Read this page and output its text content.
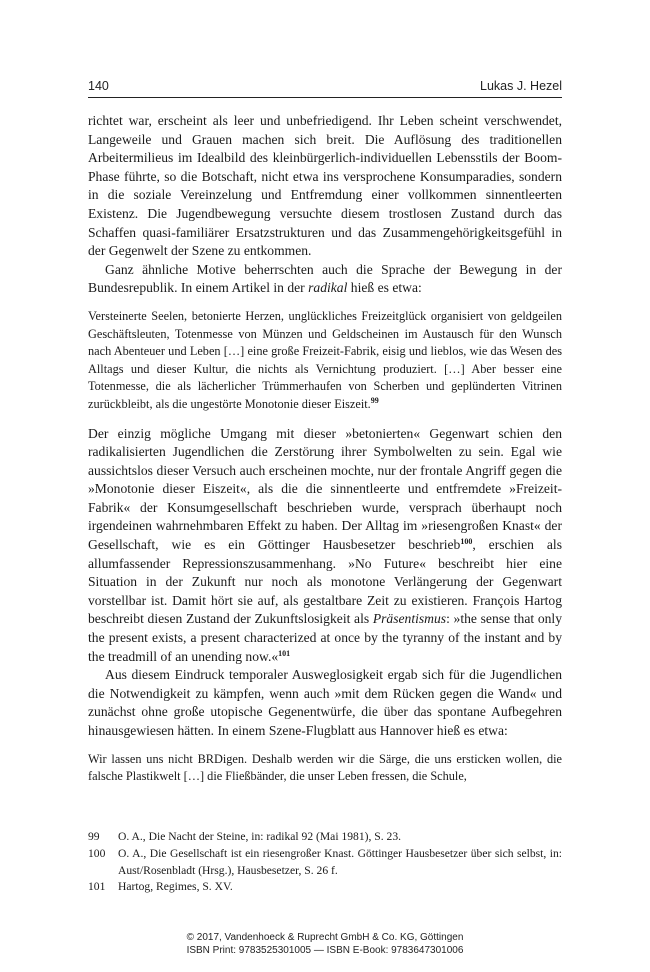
140	Lukas J. Hezel

richtet war, erscheint als leer und unbefriedigend. Ihr Leben scheint verschwendet, Langeweile und Grauen machen sich breit. Die Auflösung des traditionellen Arbeitermilieus im Idealbild des kleinbürgerlich-individuellen Lebensstils der Boom-Phase führte, so die Botschaft, nicht etwa ins versprochene Konsumparadies, sondern in die soziale Vereinzelung und Entfremdung einer vollkommen sinnentleerten Existenz. Die Jugendbewegung versuchte diesem trostlosen Zustand durch das Schaffen quasi-familiärer Ersatzstrukturen und das Zusammengehörigkeitsgefühl in der Gegenwelt der Szene zu entkommen.

Ganz ähnliche Motive beherrschten auch die Sprache der Bewegung in der Bundesrepublik. In einem Artikel in der radikal hieß es etwa:

Versteinerte Seelen, betonierte Herzen, unglückliches Freizeitglück organisiert von geldgeilen Geschäftsleuten, Totenmesse von Münzen und Geldscheinen im Austausch für den Wunsch nach Abenteuer und Leben […] eine große Freizeit-Fabrik, eisig und lieblos, wie das Wesen des Alltags und dieser Kultur, die nichts als Vernichtung produziert. […] Aber besser eine Totenmesse, die als lächerlicher Trümmerhaufen von Scherben und geplünderten Vitrinen zurückbleibt, als die ungestörte Monotonie dieser Eiszeit.$^{99}$

Der einzig mögliche Umgang mit dieser »betonierten« Gegenwart schien den radikalisierten Jugendlichen die Zerstörung ihrer Symbolwelten zu sein. Egal wie aussichtslos dieser Versuch auch erscheinen mochte, nur der frontale Angriff gegen die »Monotonie dieser Eiszeit«, als die die sinnentleerte und entfremdete »Freizeit-Fabrik« der Konsumgesellschaft beschrieben wurde, versprach überhaupt noch irgendeinen wahrnehmbaren Effekt zu haben. Der Alltag im »riesengroßen Knast« der Gesellschaft, wie es ein Göttinger Hausbesetzer beschrieb$^{100}$, erschien als allumfassender Repressionszusammenhang. »No Future« beschreibt hier eine Situation in der Zukunft nur noch als monotone Verlängerung der Gegenwart vorstellbar ist. Damit hört sie auf, als gestaltbare Zeit zu existieren. François Hartog beschreibt diesen Zustand der Zukunftslosigkeit als Präsentismus: »the sense that only the present exists, a present characterized at once by the tyranny of the instant and by the treadmill of an unending now.«$^{101}$

Aus diesem Eindruck temporaler Ausweglosigkeit ergab sich für die Jugendlichen die Notwendigkeit zu kämpfen, wenn auch »mit dem Rücken gegen die Wand« und zunächst ohne große utopische Gegenentwürfe, die über das spontane Aufbegehren hinausgewiesen hätten. In einem Szene-Flugblatt aus Hannover hieß es etwa:

Wir lassen uns nicht BRDigen. Deshalb werden wir die Särge, die uns ersticken wollen, die falsche Plastikwelt […] die Fließbänder, die unser Leben fressen, die Schule,

99	O. A., Die Nacht der Steine, in: radikal 92 (Mai 1981), S. 23.
100	O. A., Die Gesellschaft ist ein riesengroßer Knast. Göttinger Hausbesetzer über sich selbst, in: Aust/Rosenbladt (Hrsg.), Hausbesetzer, S. 26 f.
101	Hartog, Regimes, S. XV.
© 2017, Vandenhoeck & Ruprecht GmbH & Co. KG, Göttingen
ISBN Print: 9783525301005 — ISBN E-Book: 9783647301006
